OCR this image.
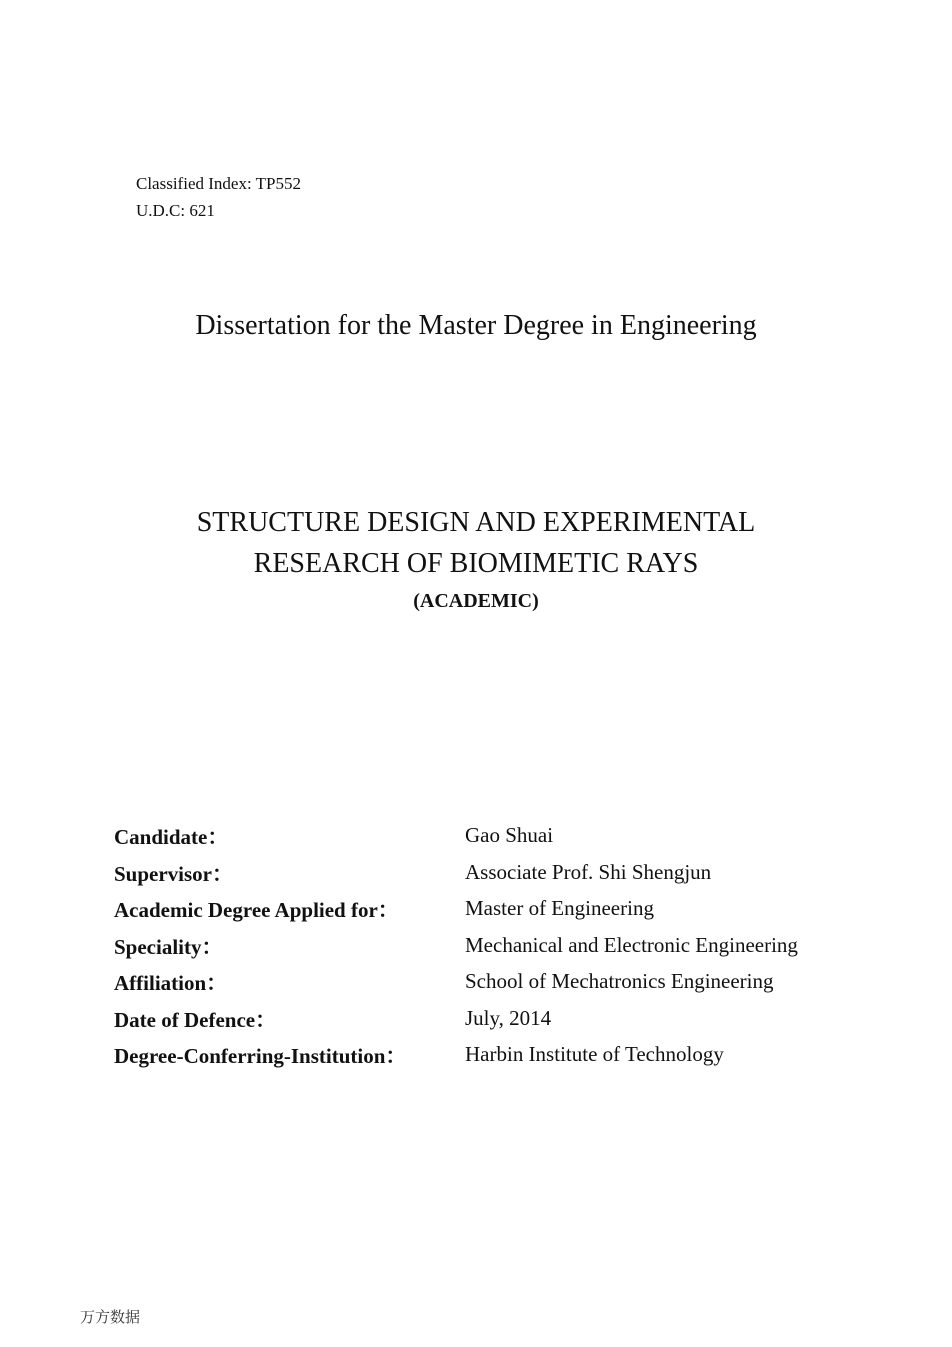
Classified Index: TP552
U.D.C: 621
Dissertation for the Master Degree in Engineering
STRUCTURE DESIGN AND EXPERIMENTAL
RESEARCH OF BIOMIMETIC RAYS
(ACADEMIC)
Candidate：	Gao Shuai
Supervisor：	Associate Prof. Shi Shengjun
Academic Degree Applied for：	Master of Engineering
Speciality：	Mechanical and Electronic Engineering
Affiliation：	School of Mechatronics Engineering
Date of Defence：	July, 2014
Degree-Conferring-Institution：	Harbin Institute of Technology
万方数据
